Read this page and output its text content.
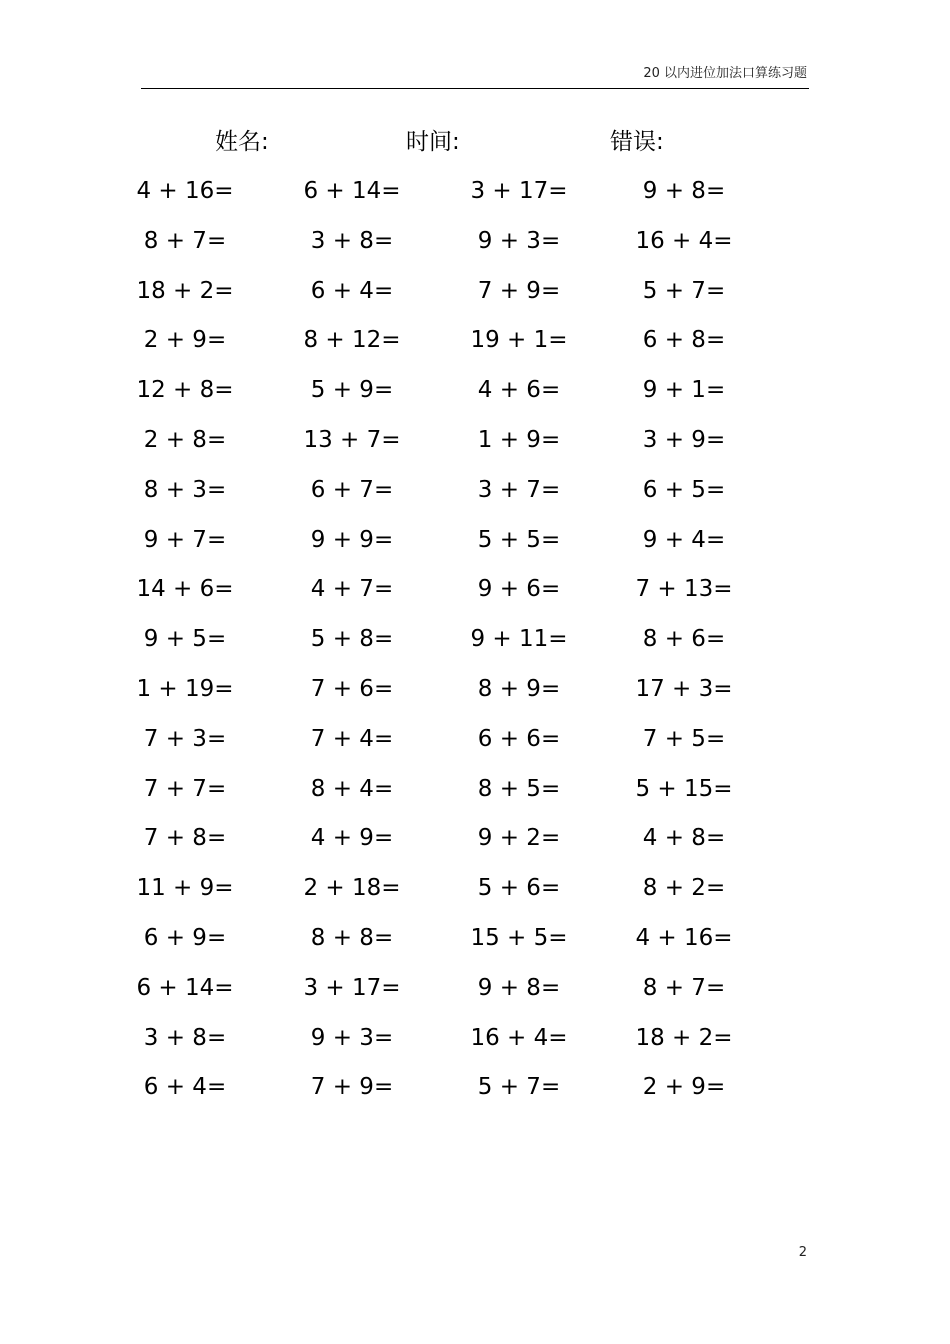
20 以内进位加法口算练习题
姓名:	时间:	错误:
4 + 16=	6 + 14=	3 + 17=	9 + 8=
8 + 7=	3 + 8=	9 + 3=	16 + 4=
18 + 2=	6 + 4=	7 + 9=	5 + 7=
2 + 9=	8 + 12=	19 + 1=	6 + 8=
12 + 8=	5 + 9=	4 + 6=	9 + 1=
2 + 8=	13 + 7=	1 + 9=	3 + 9=
8 + 3=	6 + 7=	3 + 7=	6 + 5=
9 + 7=	9 + 9=	5 + 5=	9 + 4=
14 + 6=	4 + 7=	9 + 6=	7 + 13=
9 + 5=	5 + 8=	9 + 11=	8 + 6=
1 + 19=	7 + 6=	8 + 9=	17 + 3=
7 + 3=	7 + 4=	6 + 6=	7 + 5=
7 + 7=	8 + 4=	8 + 5=	5 + 15=
7 + 8=	4 + 9=	9 + 2=	4 + 8=
11 + 9=	2 + 18=	5 + 6=	8 + 2=
6 + 9=	8 + 8=	15 + 5=	4 + 16=
6 + 14=	3 + 17=	9 + 8=	8 + 7=
3 + 8=	9 + 3=	16 + 4=	18 + 2=
6 + 4=	7 + 9=	5 + 7=	2 + 9=
2
